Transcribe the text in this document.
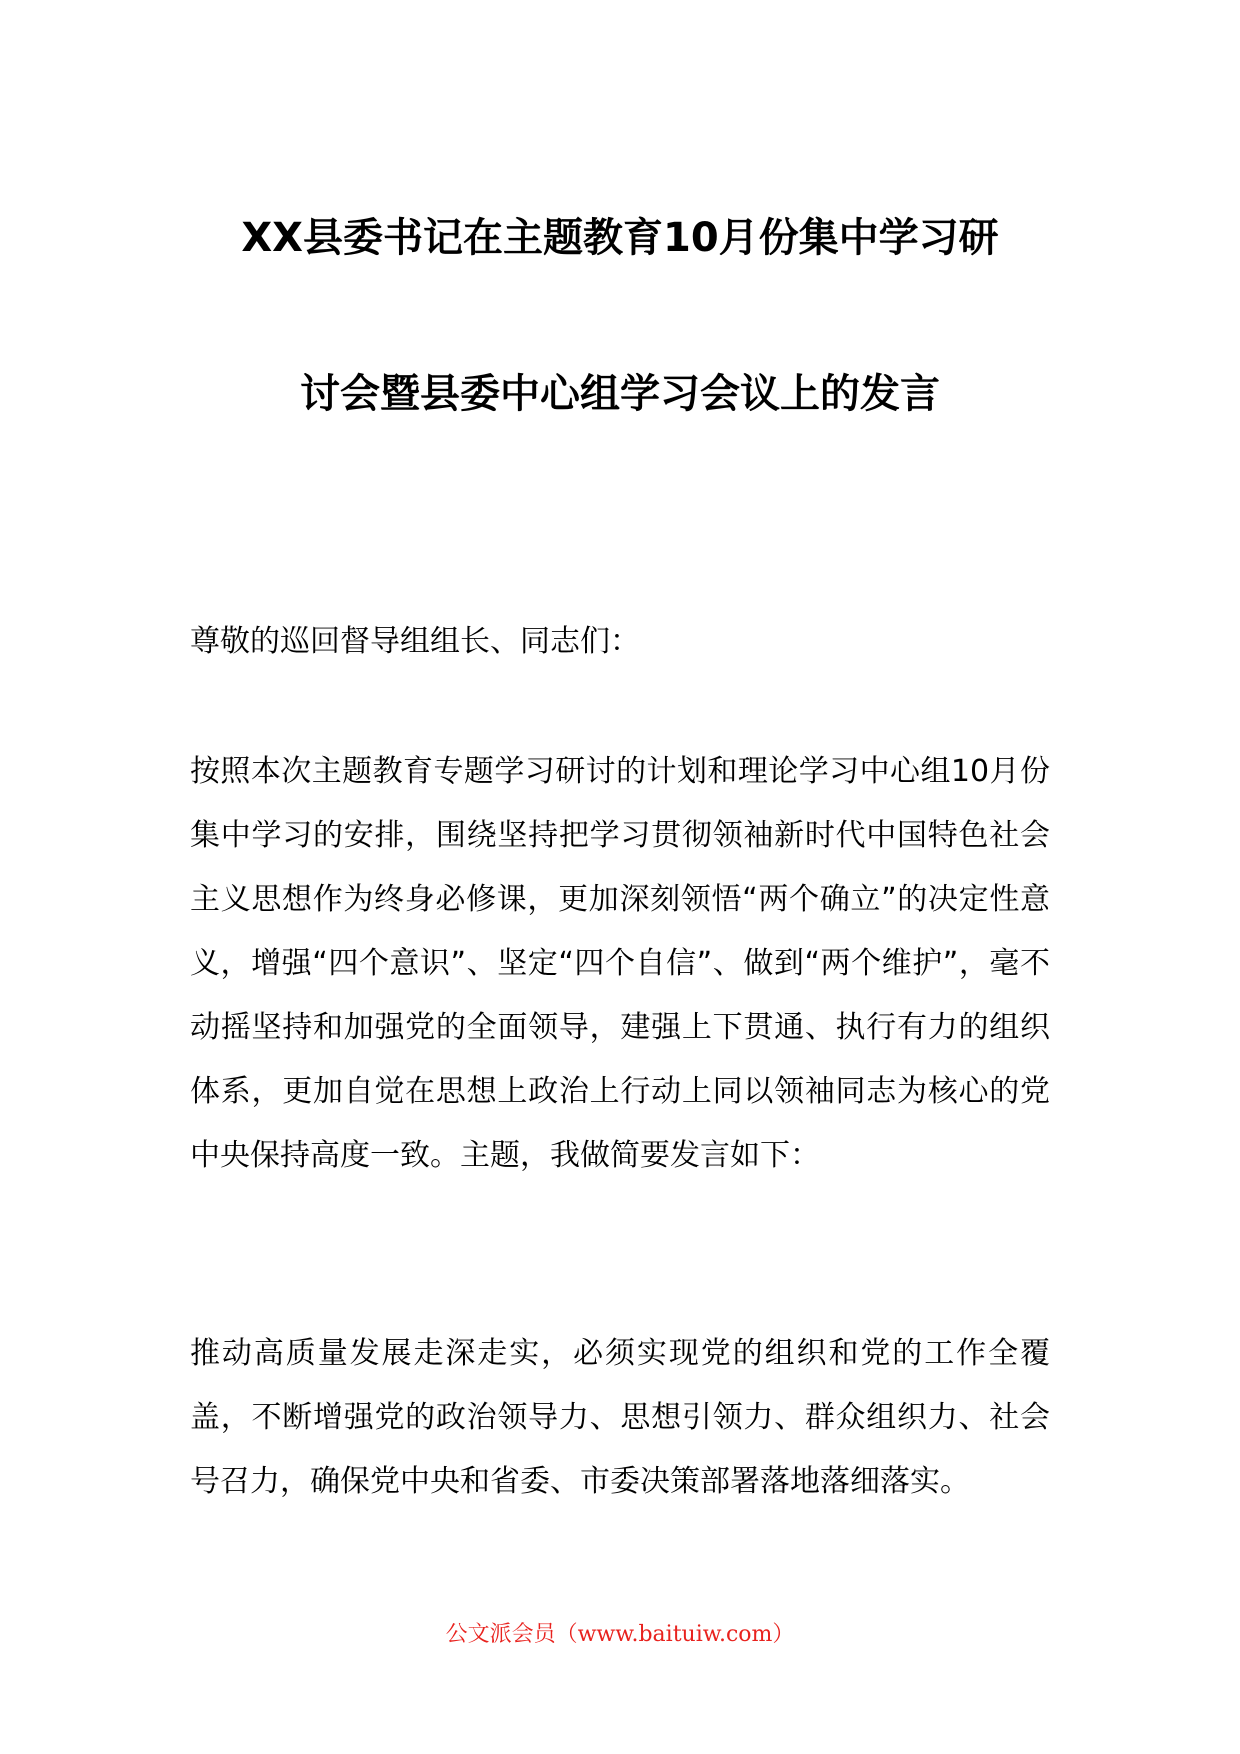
XX县委书记在主题教育10月份集中学习研
讨会暨县委中心组学习会议上的发言

尊敬的巡回督导组组长、同志们：

按照本次主题教育专题学习研讨的计划和理论学习中心组10月份集中学习的安排，围绕坚持把学习贯彻领袖新时代中国特色社会主义思想作为终身必修课，更加深刻领悟“两个确立”的决定性意义，增强“四个意识”、坚定“四个自信”、做到“两个维护”，毫不动摇坚持和加强党的全面领导，建强上下贯通、执行有力的组织体系，更加自觉在思想上政治上行动上同以领袖同志为核心的党中央保持高度一致。主题，我做简要发言如下：

推动高质量发展走深走实，必须实现党的组织和党的工作全覆盖，不断增强党的政治领导力、思想引领力、群众组织力、社会号召力，确保党中央和省委、市委决策部署落地落细落实。

公文派会员（www.baituiw.com）
